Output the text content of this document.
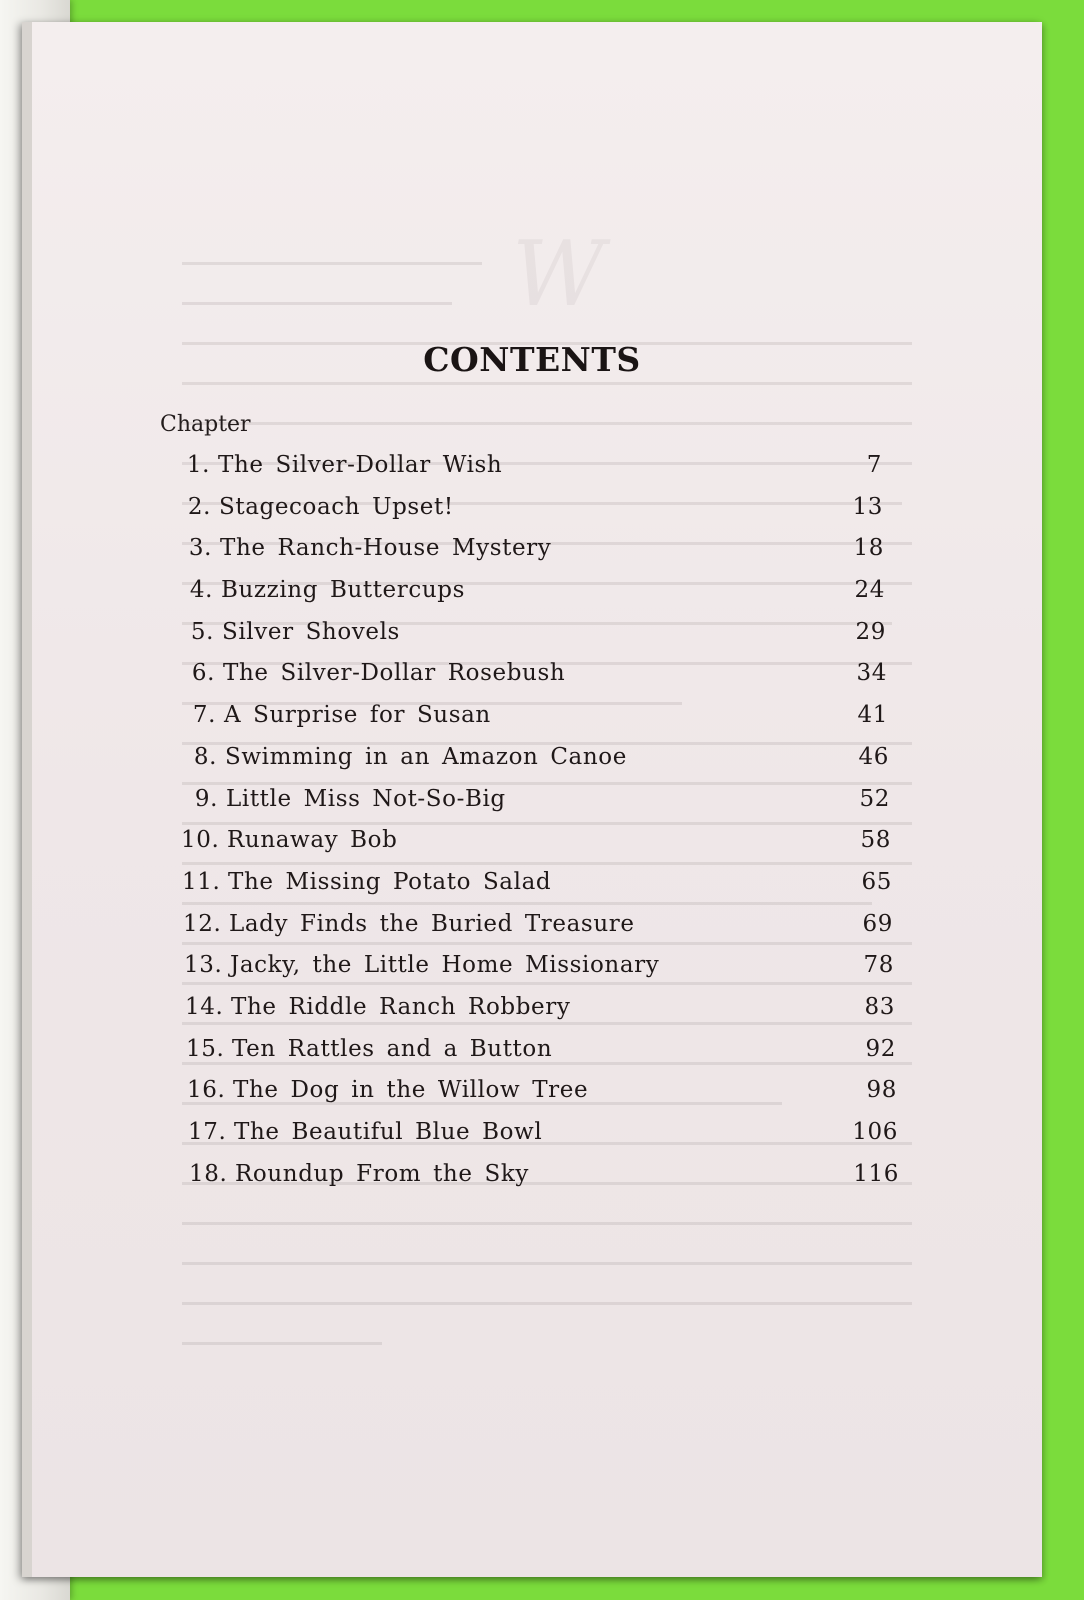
W
CONTENTS
Chapter
1. The Silver-Dollar Wish	7
2. Stagecoach Upset!	13
3. The Ranch-House Mystery	18
4. Buzzing Buttercups	24
5. Silver Shovels	29
6. The Silver-Dollar Rosebush	34
7. A Surprise for Susan	41
8. Swimming in an Amazon Canoe	46
9. Little Miss Not-So-Big	52
10. Runaway Bob	58
11. The Missing Potato Salad	65
12. Lady Finds the Buried Treasure	69
13. Jacky, the Little Home Missionary	78
14. The Riddle Ranch Robbery	83
15. Ten Rattles and a Button	92
16. The Dog in the Willow Tree	98
17. The Beautiful Blue Bowl	106
18. Roundup From the Sky	116
